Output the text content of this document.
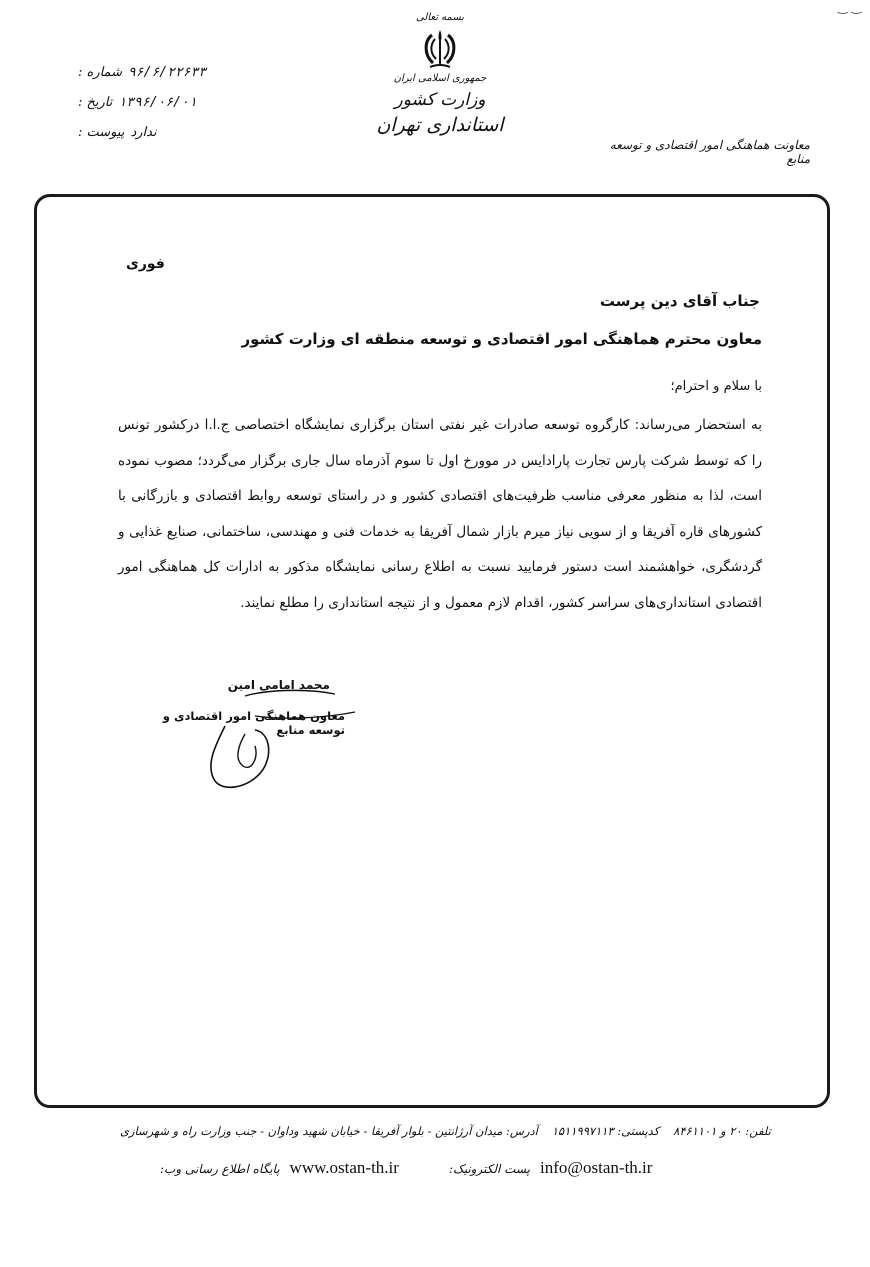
‿ ‿
شماره : ۹۶/۶/۲۲۶۳۳
تاریخ : ۱۳۹۶/۰۶/۰۱
پیوست : ندارد
بسمه تعالی
جمهوری اسلامی ایران
وزارت کشور
استانداری تهران
معاونت هماهنگی امور اقتصادی و توسعه منابع
فوری
جناب آقای دین پرست
معاون محترم هماهنگی امور اقتصادی و توسعه منطقه ای وزارت کشور
با سلام و احترام؛
به استحضار می‌رساند: کارگروه توسعه صادرات غیر نفتی استان برگزاری نمایشگاه اختصاصی ج.ا.ا درکشور تونس را که توسط شرکت پارس تجارت پارادایس در موورخ اول تا سوم آذرماه سال جاری برگزار می‌گردد؛ مصوب نموده است، لذا به منظور معرفی مناسب ظرفیت‌های اقتصادی کشور و در راستای توسعه روابط اقتصادی و بازرگانی با کشورهای قاره آفریقا و از سویی نیاز میرم بازار شمال آفریقا به خدمات فنی و مهندسی، ساختمانی، صنایع غذایی و گردشگری، خواهشمند است دستور فرمایید نسبت به اطلاع رسانی نمایشگاه مذکور به ادارات کل هماهنگی امور اقتصادی استانداری‌های سراسر کشور، اقدام لازم معمول و از نتیجه استانداری را مطلع نمایند.
محمد امامی امین
معاون هماهنگی امور اقتصادی و توسعه منابع
آدرس: میدان آرژانتین - بلوار آفریقا - خیابان شهید وداوان - جنب وزارت راه و شهرسازی کدپستی: ۱۵۱۱۹۹۷۱۱۳ تلفن: ۲۰ و ۸۴۶۱۱۰۱
پایگاه اطلاع رسانی وب: www.ostan-th.ir	پست الکترونیک: info@ostan-th.ir
